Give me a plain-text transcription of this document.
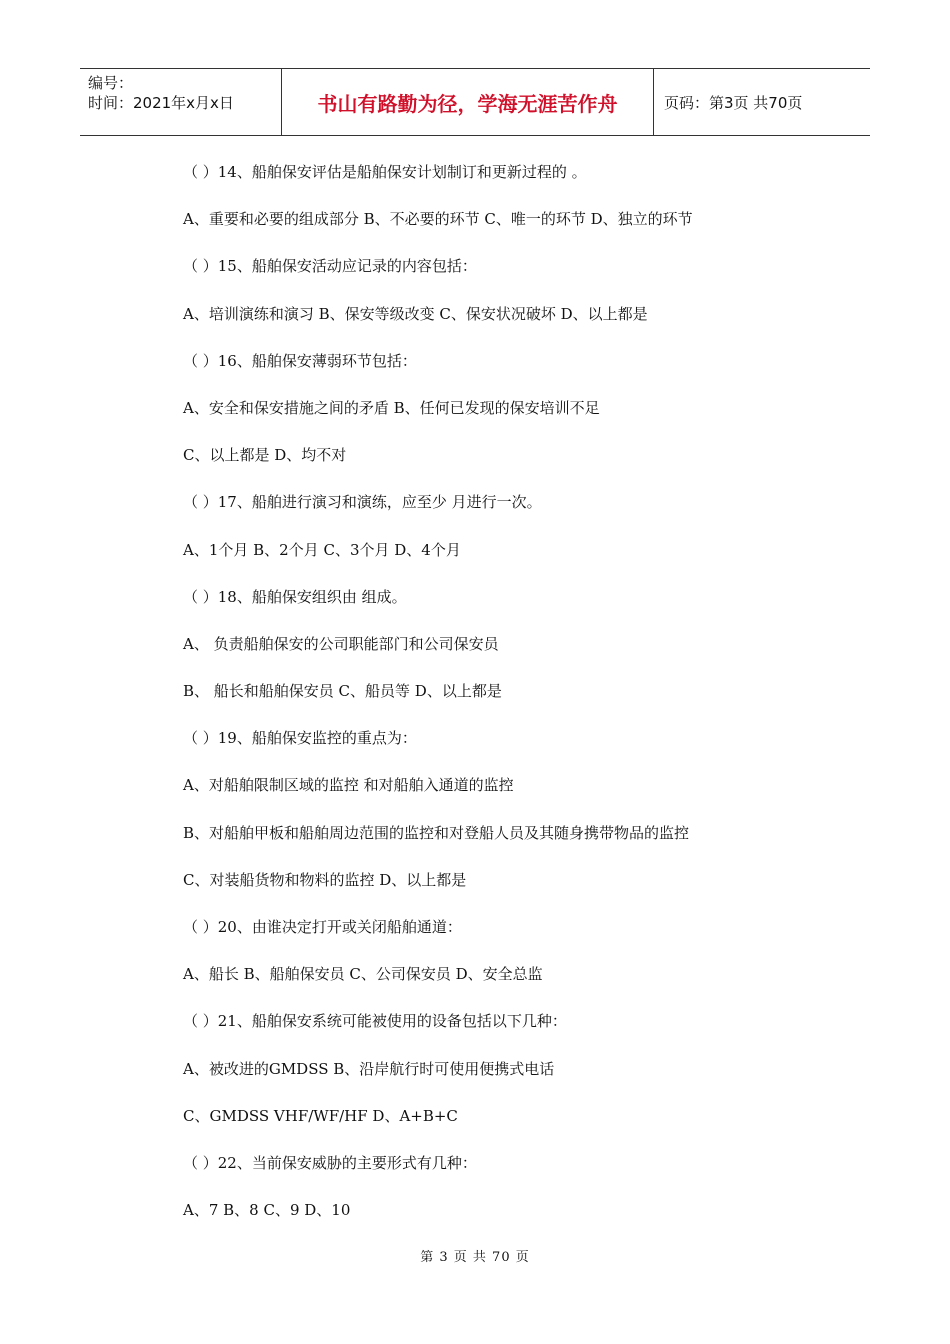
编号：
时间：2021年x月x日	书山有路勤为径，学海无涯苦作舟	页码：第3页 共70页
（ ）14、船舶保安评估是船舶保安计划制订和更新过程的 。
A、重要和必要的组成部分 B、不必要的环节 C、唯一的环节 D、独立的环节
（ ）15、船舶保安活动应记录的内容包括：
A、培训演练和演习 B、保安等级改变 C、保安状况破坏 D、以上都是
（ ）16、船舶保安薄弱环节包括：
A、安全和保安措施之间的矛盾 B、任何已发现的保安培训不足
C、以上都是 D、均不对
（ ）17、船舶进行演习和演练，应至少 月进行一次。
A、1个月 B、2个月 C、3个月 D、4个月
（ ）18、船舶保安组织由 组成。
A、 负责船舶保安的公司职能部门和公司保安员
B、 船长和船舶保安员 C、船员等 D、以上都是
（ ）19、船舶保安监控的重点为：
A、对船舶限制区域的监控 和对船舶入通道的监控
B、对船舶甲板和船舶周边范围的监控和对登船人员及其随身携带物品的监控
C、对装船货物和物料的监控 D、以上都是
（ ）20、由谁决定打开或关闭船舶通道：
A、船长 B、船舶保安员 C、公司保安员 D、安全总监
（ ）21、船舶保安系统可能被使用的设备包括以下几种：
A、被改进的GMDSS B、沿岸航行时可使用便携式电话
C、GMDSS VHF/WF/HF D、A+B+C
（ ）22、当前保安威胁的主要形式有几种：
A、7 B、8 C、9 D、10
第 3 页 共 70 页
